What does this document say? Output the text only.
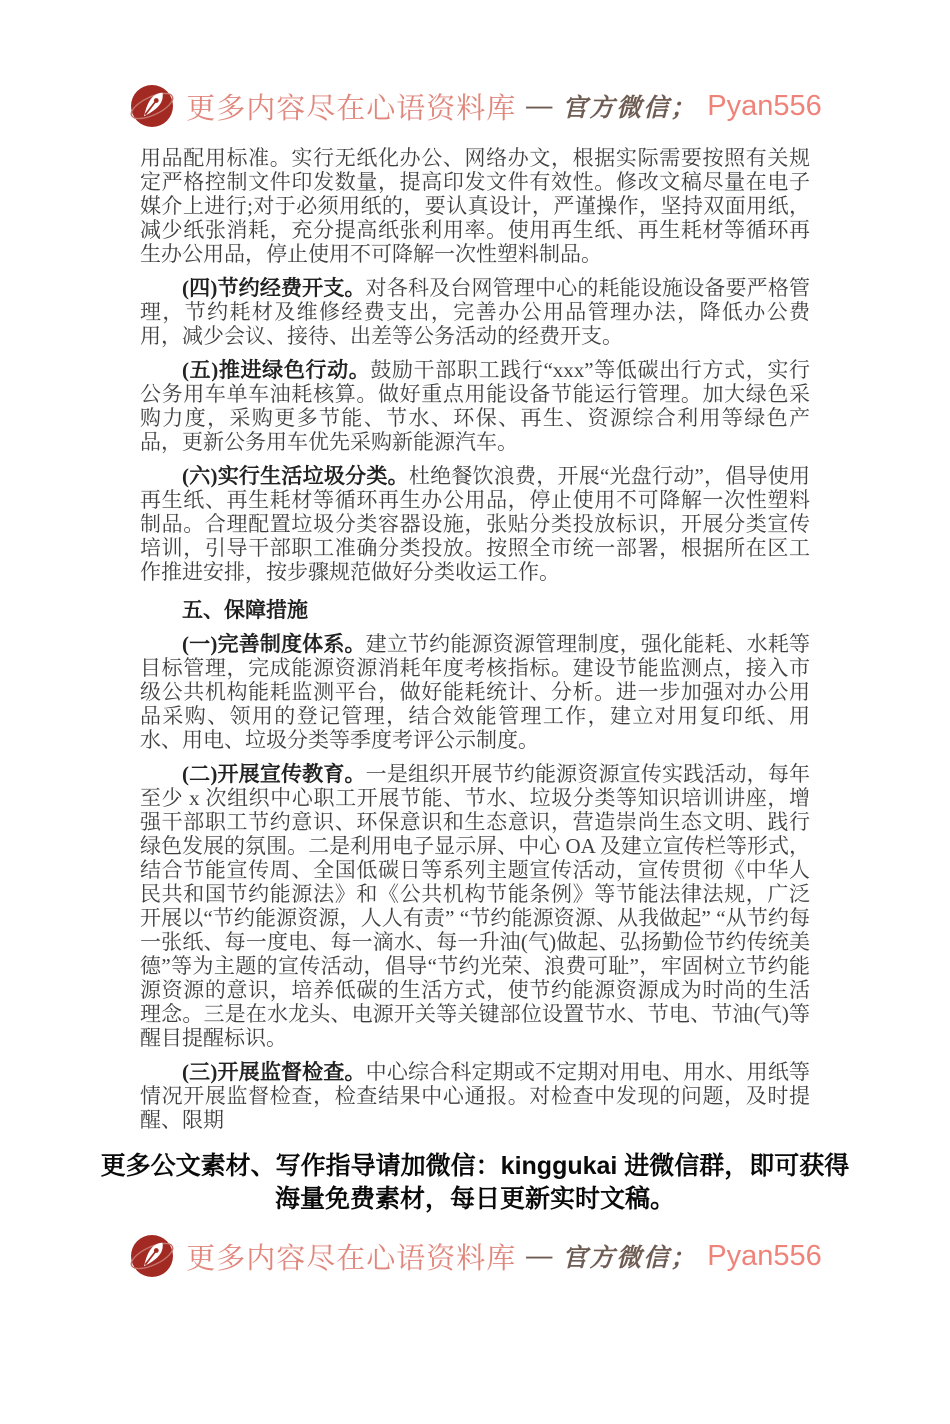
更多内容尽在心语资料库 — 官方微信； Pyan556

用品配用标准。实行无纸化办公、网络办文，根据实际需要按照有关规定严格控制文件印发数量，提高印发文件有效性。修改文稿尽量在电子媒介上进行;对于必须用纸的，要认真设计，严谨操作，坚持双面用纸，减少纸张消耗，充分提高纸张利用率。使用再生纸、再生耗材等循环再生办公用品，停止使用不可降解一次性塑料制品。

(四)节约经费开支。对各科及台网管理中心的耗能设施设备要严格管理，节约耗材及维修经费支出，完善办公用品管理办法，降低办公费用，减少会议、接待、出差等公务活动的经费开支。

(五)推进绿色行动。鼓励干部职工践行“xxx”等低碳出行方式，实行公务用车单车油耗核算。做好重点用能设备节能运行管理。加大绿色采购力度，采购更多节能、节水、环保、再生、资源综合利用等绿色产品，更新公务用车优先采购新能源汽车。

(六)实行生活垃圾分类。杜绝餐饮浪费，开展“光盘行动”，倡导使用再生纸、再生耗材等循环再生办公用品，停止使用不可降解一次性塑料制品。合理配置垃圾分类容器设施，张贴分类投放标识，开展分类宣传培训，引导干部职工准确分类投放。按照全市统一部署，根据所在区工作推进安排，按步骤规范做好分类收运工作。

五、保障措施

(一)完善制度体系。建立节约能源资源管理制度，强化能耗、水耗等目标管理，完成能源资源消耗年度考核指标。建设节能监测点，接入市级公共机构能耗监测平台，做好能耗统计、分析。进一步加强对办公用品采购、领用的登记管理，结合效能管理工作，建立对用复印纸、用水、用电、垃圾分类等季度考评公示制度。

(二)开展宣传教育。一是组织开展节约能源资源宣传实践活动，每年至少 x 次组织中心职工开展节能、节水、垃圾分类等知识培训讲座，增强干部职工节约意识、环保意识和生态意识，营造崇尚生态文明、践行绿色发展的氛围。二是利用电子显示屏、中心 OA 及建立宣传栏等形式，结合节能宣传周、全国低碳日等系列主题宣传活动，宣传贯彻《中华人民共和国节约能源法》和《公共机构节能条例》等节能法律法规，广泛开展以“节约能源资源，人人有责” “节约能源资源、从我做起” “从节约每一张纸、每一度电、每一滴水、每一升油(气)做起、弘扬勤俭节约传统美德”等为主题的宣传活动，倡导“节约光荣、浪费可耻”，牢固树立节约能源资源的意识，培养低碳的生活方式，使节约能源资源成为时尚的生活理念。三是在水龙头、电源开关等关键部位设置节水、节电、节油(气)等醒目提醒标识。

(三)开展监督检查。中心综合科定期或不定期对用电、用水、用纸等情况开展监督检查，检查结果中心通报。对检查中发现的问题，及时提醒、限期

更多公文素材、写作指导请加微信：kinggukai 进微信群，即可获得海量免费素材，每日更新实时文稿。
更多内容尽在心语资料库 — 官方微信； Pyan556
